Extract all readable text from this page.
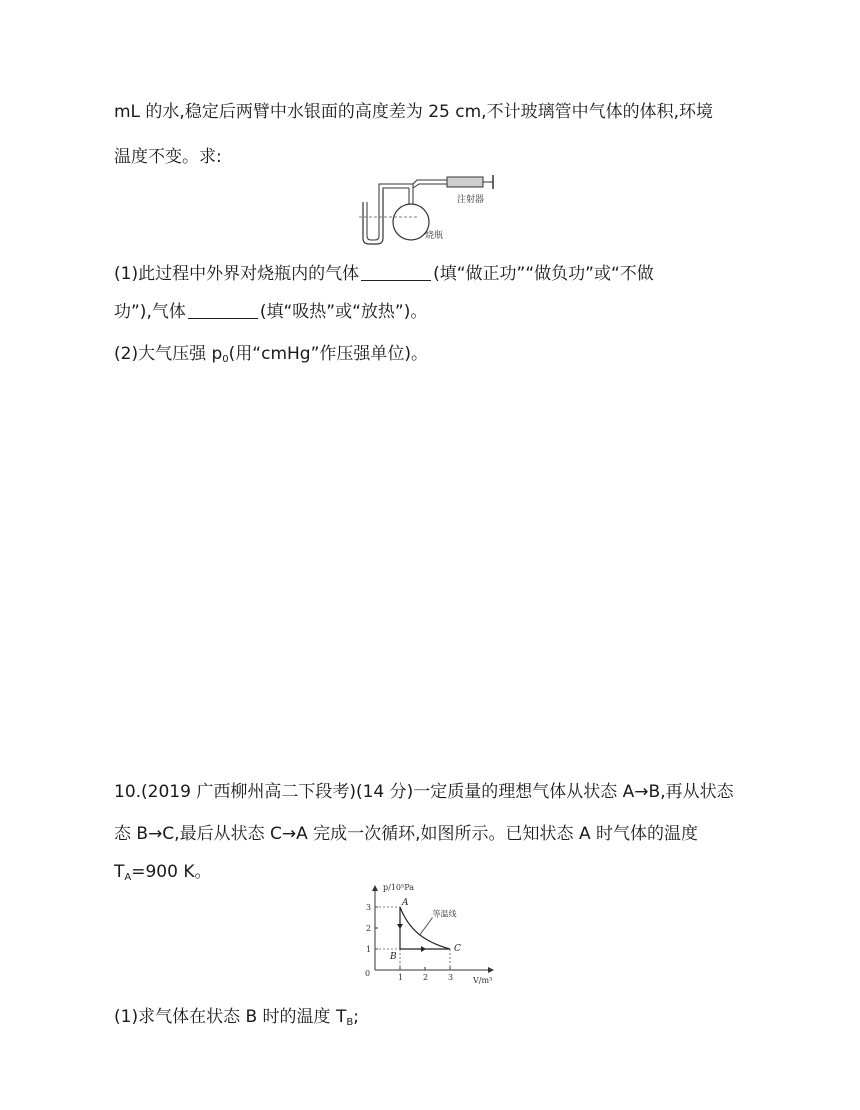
mL 的水,稳定后两臂中水银面的高度差为 25 cm,不计玻璃管中气体的体积,环境
温度不变。求:
注射器
烧瓶
(1)此过程中外界对烧瓶内的气体	(填“做正功”“做负功”或“不做
功”),气体	(填“吸热”或“放热”)。
(2)大气压强 $p_0$(用“cmHg”作压强单位)。
10.(2019 广西柳州高二下段考)(14 分)一定质量的理想气体从状态 A→B,再从状态
态 B→C,最后从状态 C→A 完成一次循环,如图所示。已知状态 A 时气体的温度
$T_A=900$ K。
p/10⁵Pa
V/m³
0	1 2 3
1
2
3	A
B
C
等温线
(1)求气体在状态 B 时的温度 $T_B$;
